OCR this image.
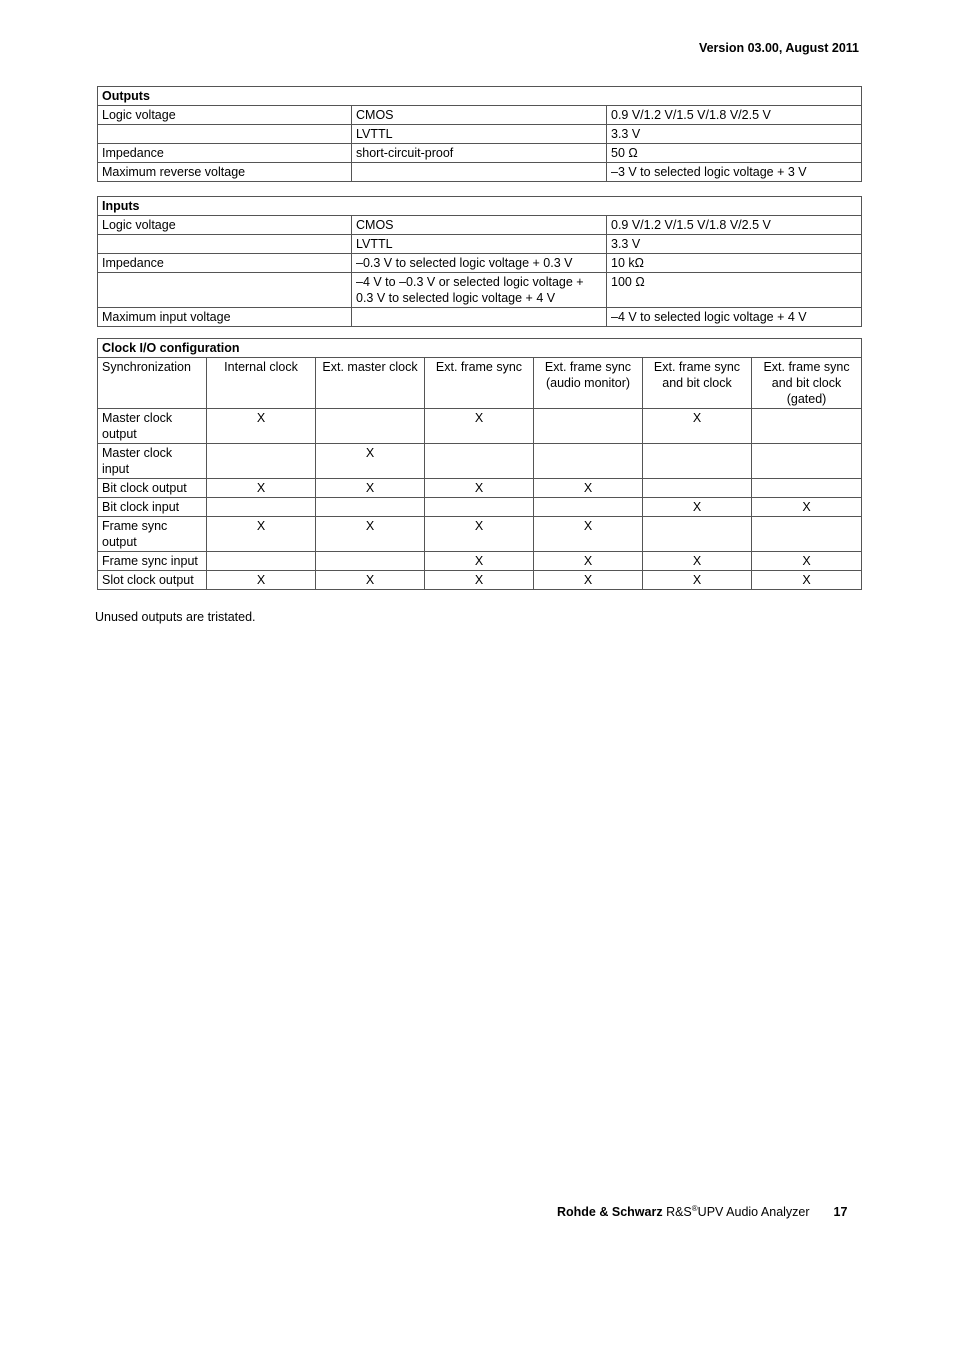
Version 03.00, August 2011
Outputs		
Logic voltage	CMOS	0.9 V/1.2 V/1.5 V/1.8 V/2.5 V
	LVTTL	3.3 V
Impedance	short-circuit-proof	50 Ω
Maximum reverse voltage		–3 V to selected logic voltage + 3 V
Inputs		
Logic voltage	CMOS	0.9 V/1.2 V/1.5 V/1.8 V/2.5 V
	LVTTL	3.3 V
Impedance	–0.3 V to selected logic voltage + 0.3 V	10 kΩ
	–4 V to –0.3 V or selected logic voltage + 0.3 V to selected logic voltage + 4 V	100 Ω
Maximum input voltage		–4 V to selected logic voltage + 4 V
Clock I/O configuration						
Synchronization	Internal clock	Ext. master clock	Ext. frame sync	Ext. frame sync (audio monitor)	Ext. frame sync and bit clock	Ext. frame sync and bit clock (gated)
Master clock output	X		X		X	
Master clock input		X				
Bit clock output	X	X	X	X		
Bit clock input					X	X
Frame sync output	X	X	X	X		
Frame sync input			X	X	X	X
Slot clock output	X	X	X	X	X	X
Unused outputs are tristated.
Rohde & Schwarz R&S®UPV Audio Analyzer 17
